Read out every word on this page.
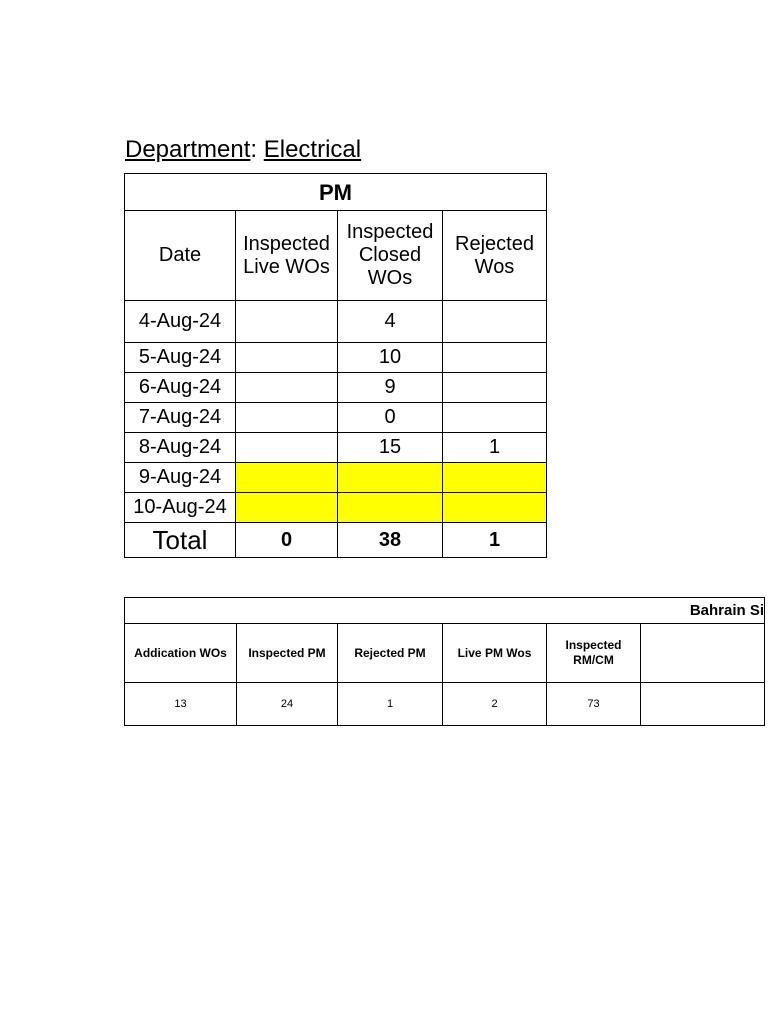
Department: Electrical
PM			
Date	Inspected Live WOs	Inspected Closed WOs	Rejected Wos
4-Aug-24		4	
5-Aug-24		10	
6-Aug-24		9	
7-Aug-24		0	
8-Aug-24		15	1
9-Aug-24			
10-Aug-24			
Total	0	38	1
Bahrain Si					
Addication WOs	Inspected PM	Rejected PM	Live PM Wos	Inspected RM/CM	
13	24	1	2	73	
